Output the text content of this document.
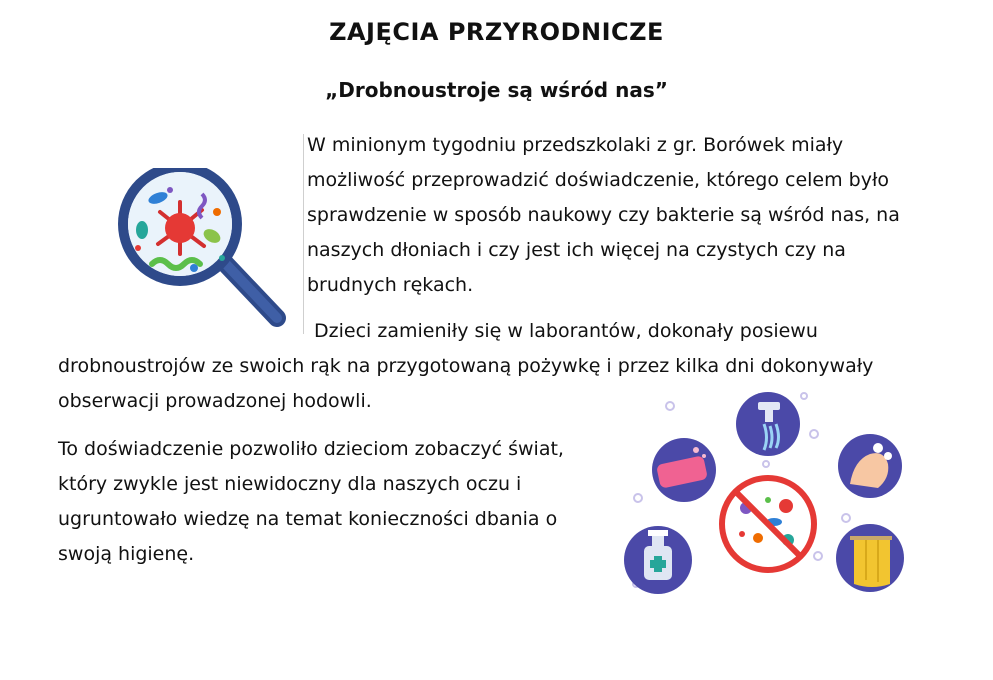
ZAJĘCIA PRZYRODNICZE
„Drobnoustroje są wśród nas”

W minionym tygodniu przedszkolaki z gr. Borówek miały
możliwość przeprowadzić doświadczenie, którego celem było
sprawdzenie w sposób naukowy czy bakterie są wśród nas, na
naszych dłoniach i czy jest ich więcej na czystych czy na
brudnych rękach.

Dzieci zamieniły się w laborantów, dokonały posiewu
drobnoustrojów ze swoich rąk na przygotowaną pożywkę i przez kilka dni dokonywały
obserwacji prowadzonej hodowli.

To doświadczenie pozwoliło dzieciom zobaczyć świat,
który zwykle jest niewidoczny dla naszych oczu i
ugruntowało wiedzę na temat konieczności dbania o
swoją higienę.
